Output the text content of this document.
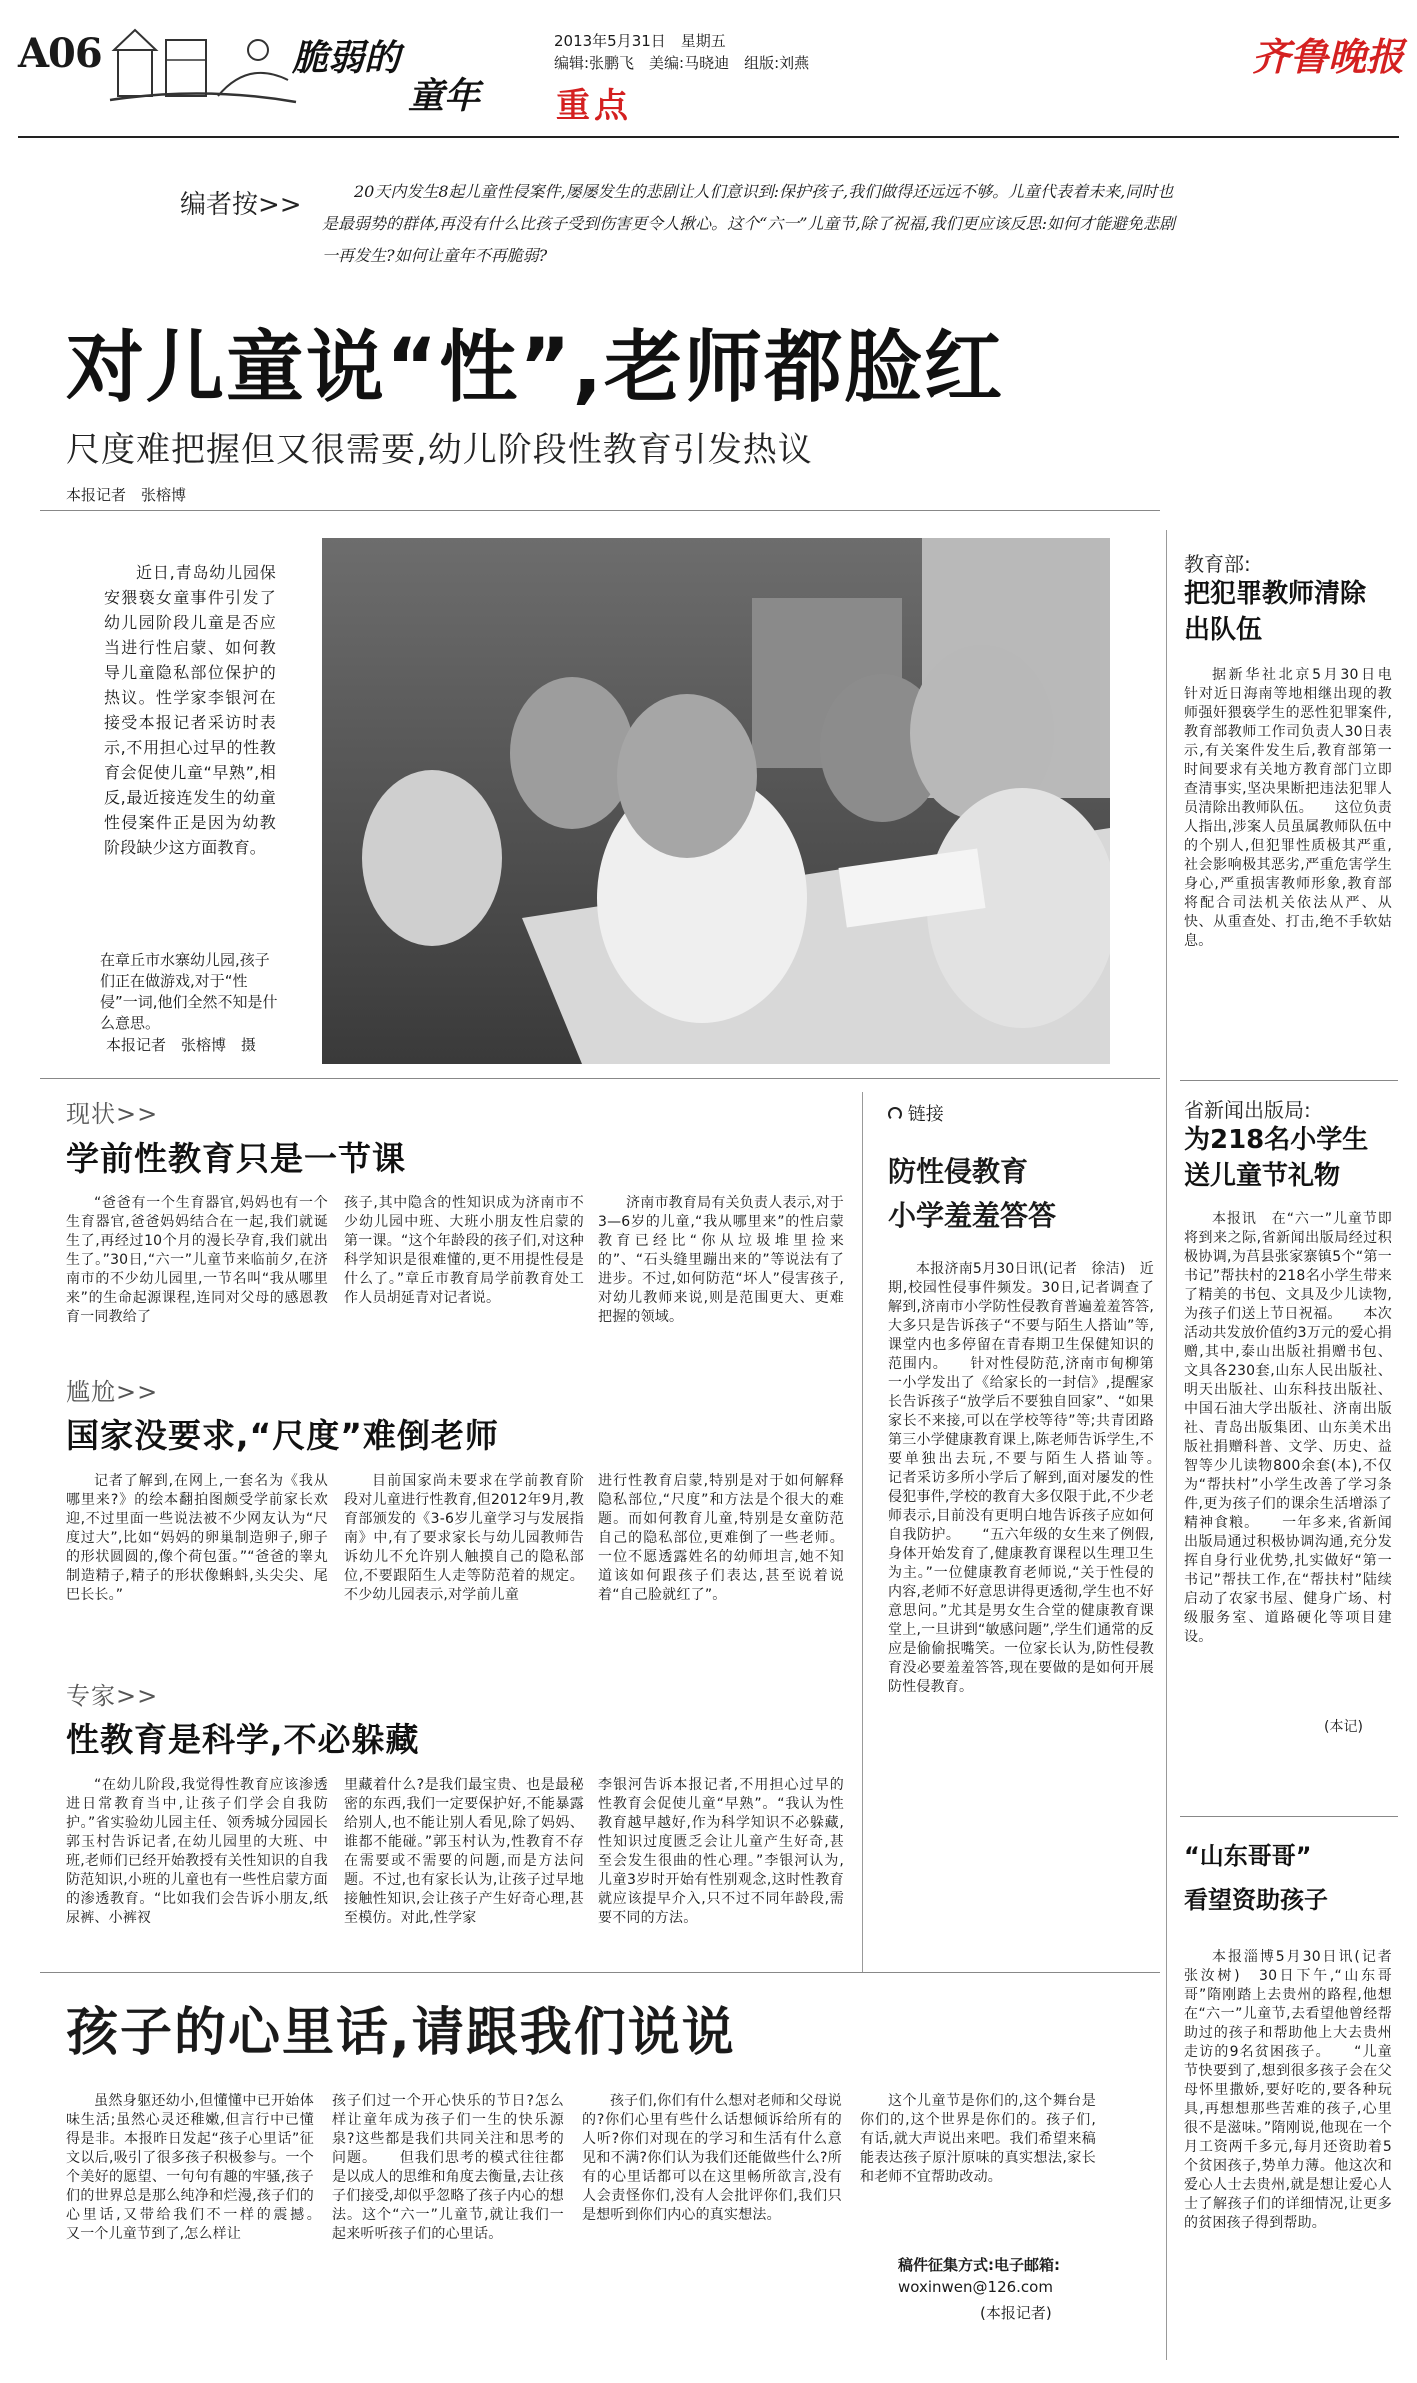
A06	脆弱的
童年
2013年5月31日　星期五
编辑:张鹏飞　美编:马晓迪　组版:刘燕
重点
齐鲁晚报
编者按>>	20天内发生8起儿童性侵案件,屡屡发生的悲剧让人们意识到:保护孩子,我们做得还远远不够。儿童代表着未来,同时也是最弱势的群体,再没有什么比孩子受到伤害更令人揪心。这个“六一”儿童节,除了祝福,我们更应该反思:如何才能避免悲剧一再发生?如何让童年不再脆弱?
对儿童说“性”,老师都脸红
尺度难把握但又很需要,幼儿阶段性教育引发热议
本报记者　张榕博
近日,青岛幼儿园保安猥亵女童事件引发了幼儿园阶段儿童是否应当进行性启蒙、如何教导儿童隐私部位保护的热议。性学家李银河在接受本报记者采访时表示,不用担心过早的性教育会促使儿童“早熟”,相反,最近接连发生的幼童性侵案件正是因为幼教阶段缺少这方面教育。
在章丘市水寨幼儿园,孩子们正在做游戏,对于“性侵”一词,他们全然不知是什么意思。
本报记者　张榕博　摄
现状>>
学前性教育只是一节课
“爸爸有一个生育器官,妈妈也有一个生育器官,爸爸妈妈结合在一起,我们就诞生了,再经过10个月的漫长孕育,我们就出生了。”30日,“六一”儿童节来临前夕,在济南市的不少幼儿园里,一节名叫“我从哪里来”的生命起源课程,连同对父母的感恩教育一同教给了
孩子,其中隐含的性知识成为济南市不少幼儿园中班、大班小朋友性启蒙的第一课。“这个年龄段的孩子们,对这种科学知识是很难懂的,更不用提性侵是什么了。”章丘市教育局学前教育处工作人员胡延青对记者说。
济南市教育局有关负责人表示,对于3—6岁的儿童,“我从哪里来”的性启蒙教育已经比“你从垃圾堆里捡来的”、“石头缝里蹦出来的”等说法有了进步。不过,如何防范“坏人”侵害孩子,对幼儿教师来说,则是范围更大、更难把握的领域。
尴尬>>
国家没要求,“尺度”难倒老师
记者了解到,在网上,一套名为《我从哪里来?》的绘本翻拍图颇受学前家长欢迎,不过里面一些说法被不少网友认为“尺度过大”,比如“妈妈的卵巢制造卵子,卵子的形状圆圆的,像个荷包蛋。”“爸爸的睾丸制造精子,精子的形状像蝌蚪,头尖尖、尾巴长长。”
目前国家尚未要求在学前教育阶段对儿童进行性教育,但2012年9月,教育部颁发的《3-6岁儿童学习与发展指南》中,有了要求家长与幼儿园教师告诉幼儿不允许别人触摸自己的隐私部位,不要跟陌生人走等防范着的规定。不少幼儿园表示,对学前儿童
进行性教育启蒙,特别是对于如何解释隐私部位,“尺度”和方法是个很大的难题。而如何教育儿童,特别是女童防范自己的隐私部位,更难倒了一些老师。一位不愿透露姓名的幼师坦言,她不知道该如何跟孩子们表达,甚至说着说着“自己脸就红了”。
专家>>
性教育是科学,不必躲藏
“在幼儿阶段,我觉得性教育应该渗透进日常教育当中,让孩子们学会自我防护。”省实验幼儿园主任、领秀城分园园长郭玉村告诉记者,在幼儿园里的大班、中班,老师们已经开始教授有关性知识的自我防范知识,小班的儿童也有一些性启蒙方面的渗透教育。“比如我们会告诉小朋友,纸尿裤、小裤衩
里藏着什么?是我们最宝贵、也是最秘密的东西,我们一定要保护好,不能暴露给别人,也不能让别人看见,除了妈妈、谁都不能碰。”郭玉村认为,性教育不存在需要或不需要的问题,而是方法问题。不过,也有家长认为,让孩子过早地接触性知识,会让孩子产生好奇心理,甚至模仿。对此,性学家
李银河告诉本报记者,不用担心过早的性教育会促使儿童“早熟”。“我认为性教育越早越好,作为科学知识不必躲藏,性知识过度匮乏会让儿童产生好奇,甚至会发生很曲的性心理。”李银河认为,儿童3岁时开始有性别观念,这时性教育就应该提早介入,只不过不同年龄段,需要不同的方法。
链接
防性侵教育
小学羞羞答答
本报济南5月30日讯(记者　徐洁)　近期,校园性侵事件频发。30日,记者调查了解到,济南市小学防性侵教育普遍羞羞答答,大多只是告诉孩子“不要与陌生人搭讪”等,课堂内也多停留在青春期卫生保健知识的范围内。　　针对性侵防范,济南市甸柳第一小学发出了《给家长的一封信》,提醒家长告诉孩子“放学后不要独自回家”、“如果家长不来接,可以在学校等待”等;共青团路第三小学健康教育课上,陈老师告诉学生,不要单独出去玩,不要与陌生人搭讪等。　　记者采访多所小学后了解到,面对屡发的性侵犯事件,学校的教育大多仅限于此,不少老师表示,目前没有更明白地告诉孩子应如何自我防护。　　“五六年级的女生来了例假,身体开始发育了,健康教育课程以生理卫生为主。”一位健康教育老师说,“关于性侵的内容,老师不好意思讲得更透彻,学生也不好意思问。”尤其是男女生合堂的健康教育课堂上,一旦讲到“敏感问题”,学生们通常的反应是偷偷抿嘴笑。一位家长认为,防性侵教育没必要羞羞答答,现在要做的是如何开展防性侵教育。
孩子的心里话,请跟我们说说
虽然身躯还幼小,但懂懂中已开始体味生活;虽然心灵还稚嫩,但言行中已懂得是非。本报昨日发起“孩子心里话”征文以后,吸引了很多孩子积极参与。一个个美好的愿望、一句句有趣的牢骚,孩子们的世界总是那么纯净和烂漫,孩子们的心里话,又带给我们不一样的震撼。　　又一个儿童节到了,怎么样让
孩子们过一个开心快乐的节日?怎么样让童年成为孩子们一生的快乐源泉?这些都是我们共同关注和思考的问题。　　但我们思考的模式往往都是以成人的思维和角度去衡量,去让孩子们接受,却似乎忽略了孩子内心的想法。这个“六一”儿童节,就让我们一起来听听孩子们的心里话。
孩子们,你们有什么想对老师和父母说的?你们心里有些什么话想倾诉给所有的人听?你们对现在的学习和生活有什么意见和不满?你们认为我们还能做些什么?所有的心里话都可以在这里畅所欲言,没有人会责怪你们,没有人会批评你们,我们只是想听到你们内心的真实想法。
这个儿童节是你们的,这个舞台是你们的,这个世界是你们的。孩子们,有话,就大声说出来吧。我们希望来稿能表达孩子原汁原味的真实想法,家长和老师不宜帮助改动。
稿件征集方式:电子邮箱:
woxinwen@126.com
(本报记者)
教育部:
把犯罪教师清除出队伍
据新华社北京5月30日电　针对近日海南等地相继出现的教师强奸猥亵学生的恶性犯罪案件,教育部教师工作司负责人30日表示,有关案件发生后,教育部第一时间要求有关地方教育部门立即查清事实,坚决果断把违法犯罪人员清除出教师队伍。　　这位负责人指出,涉案人员虽属教师队伍中的个别人,但犯罪性质极其严重,社会影响极其恶劣,严重危害学生身心,严重损害教师形象,教育部将配合司法机关依法从严、从快、从重查处、打击,绝不手软姑息。
省新闻出版局:
为218名小学生送儿童节礼物
本报讯　在“六一”儿童节即将到来之际,省新闻出版局经过积极协调,为莒县张家寨镇5个“第一书记”帮扶村的218名小学生带来了精美的书包、文具及少儿读物,为孩子们送上节日祝福。　　本次活动共发放价值约3万元的爱心捐赠,其中,泰山出版社捐赠书包、文具各230套,山东人民出版社、明天出版社、山东科技出版社、中国石油大学出版社、济南出版社、青岛出版集团、山东美术出版社捐赠科普、文学、历史、益智等少儿读物800余套(本),不仅为“帮扶村”小学生改善了学习条件,更为孩子们的课余生活增添了精神食粮。　　一年多来,省新闻出版局通过积极协调沟通,充分发挥自身行业优势,扎实做好“第一书记”帮扶工作,在“帮扶村”陆续启动了农家书屋、健身广场、村级服务室、道路硬化等项目建设。
(本记)
“山东哥哥”
看望资助孩子
本报淄博5月30日讯(记者　张汝树)　30日下午,“山东哥哥”隋刚踏上去贵州的路程,他想在“六一”儿童节,去看望他曾经帮助过的孩子和帮助他上大去贵州走访的9名贫困孩子。　　“儿童节快要到了,想到很多孩子会在父母怀里撒娇,要好吃的,要各种玩具,再想想那些苦难的孩子,心里很不是滋味。”隋刚说,他现在一个月工资两千多元,每月还资助着5个贫困孩子,势单力薄。他这次和爱心人士去贵州,就是想让爱心人士了解孩子们的详细情况,让更多的贫困孩子得到帮助。
